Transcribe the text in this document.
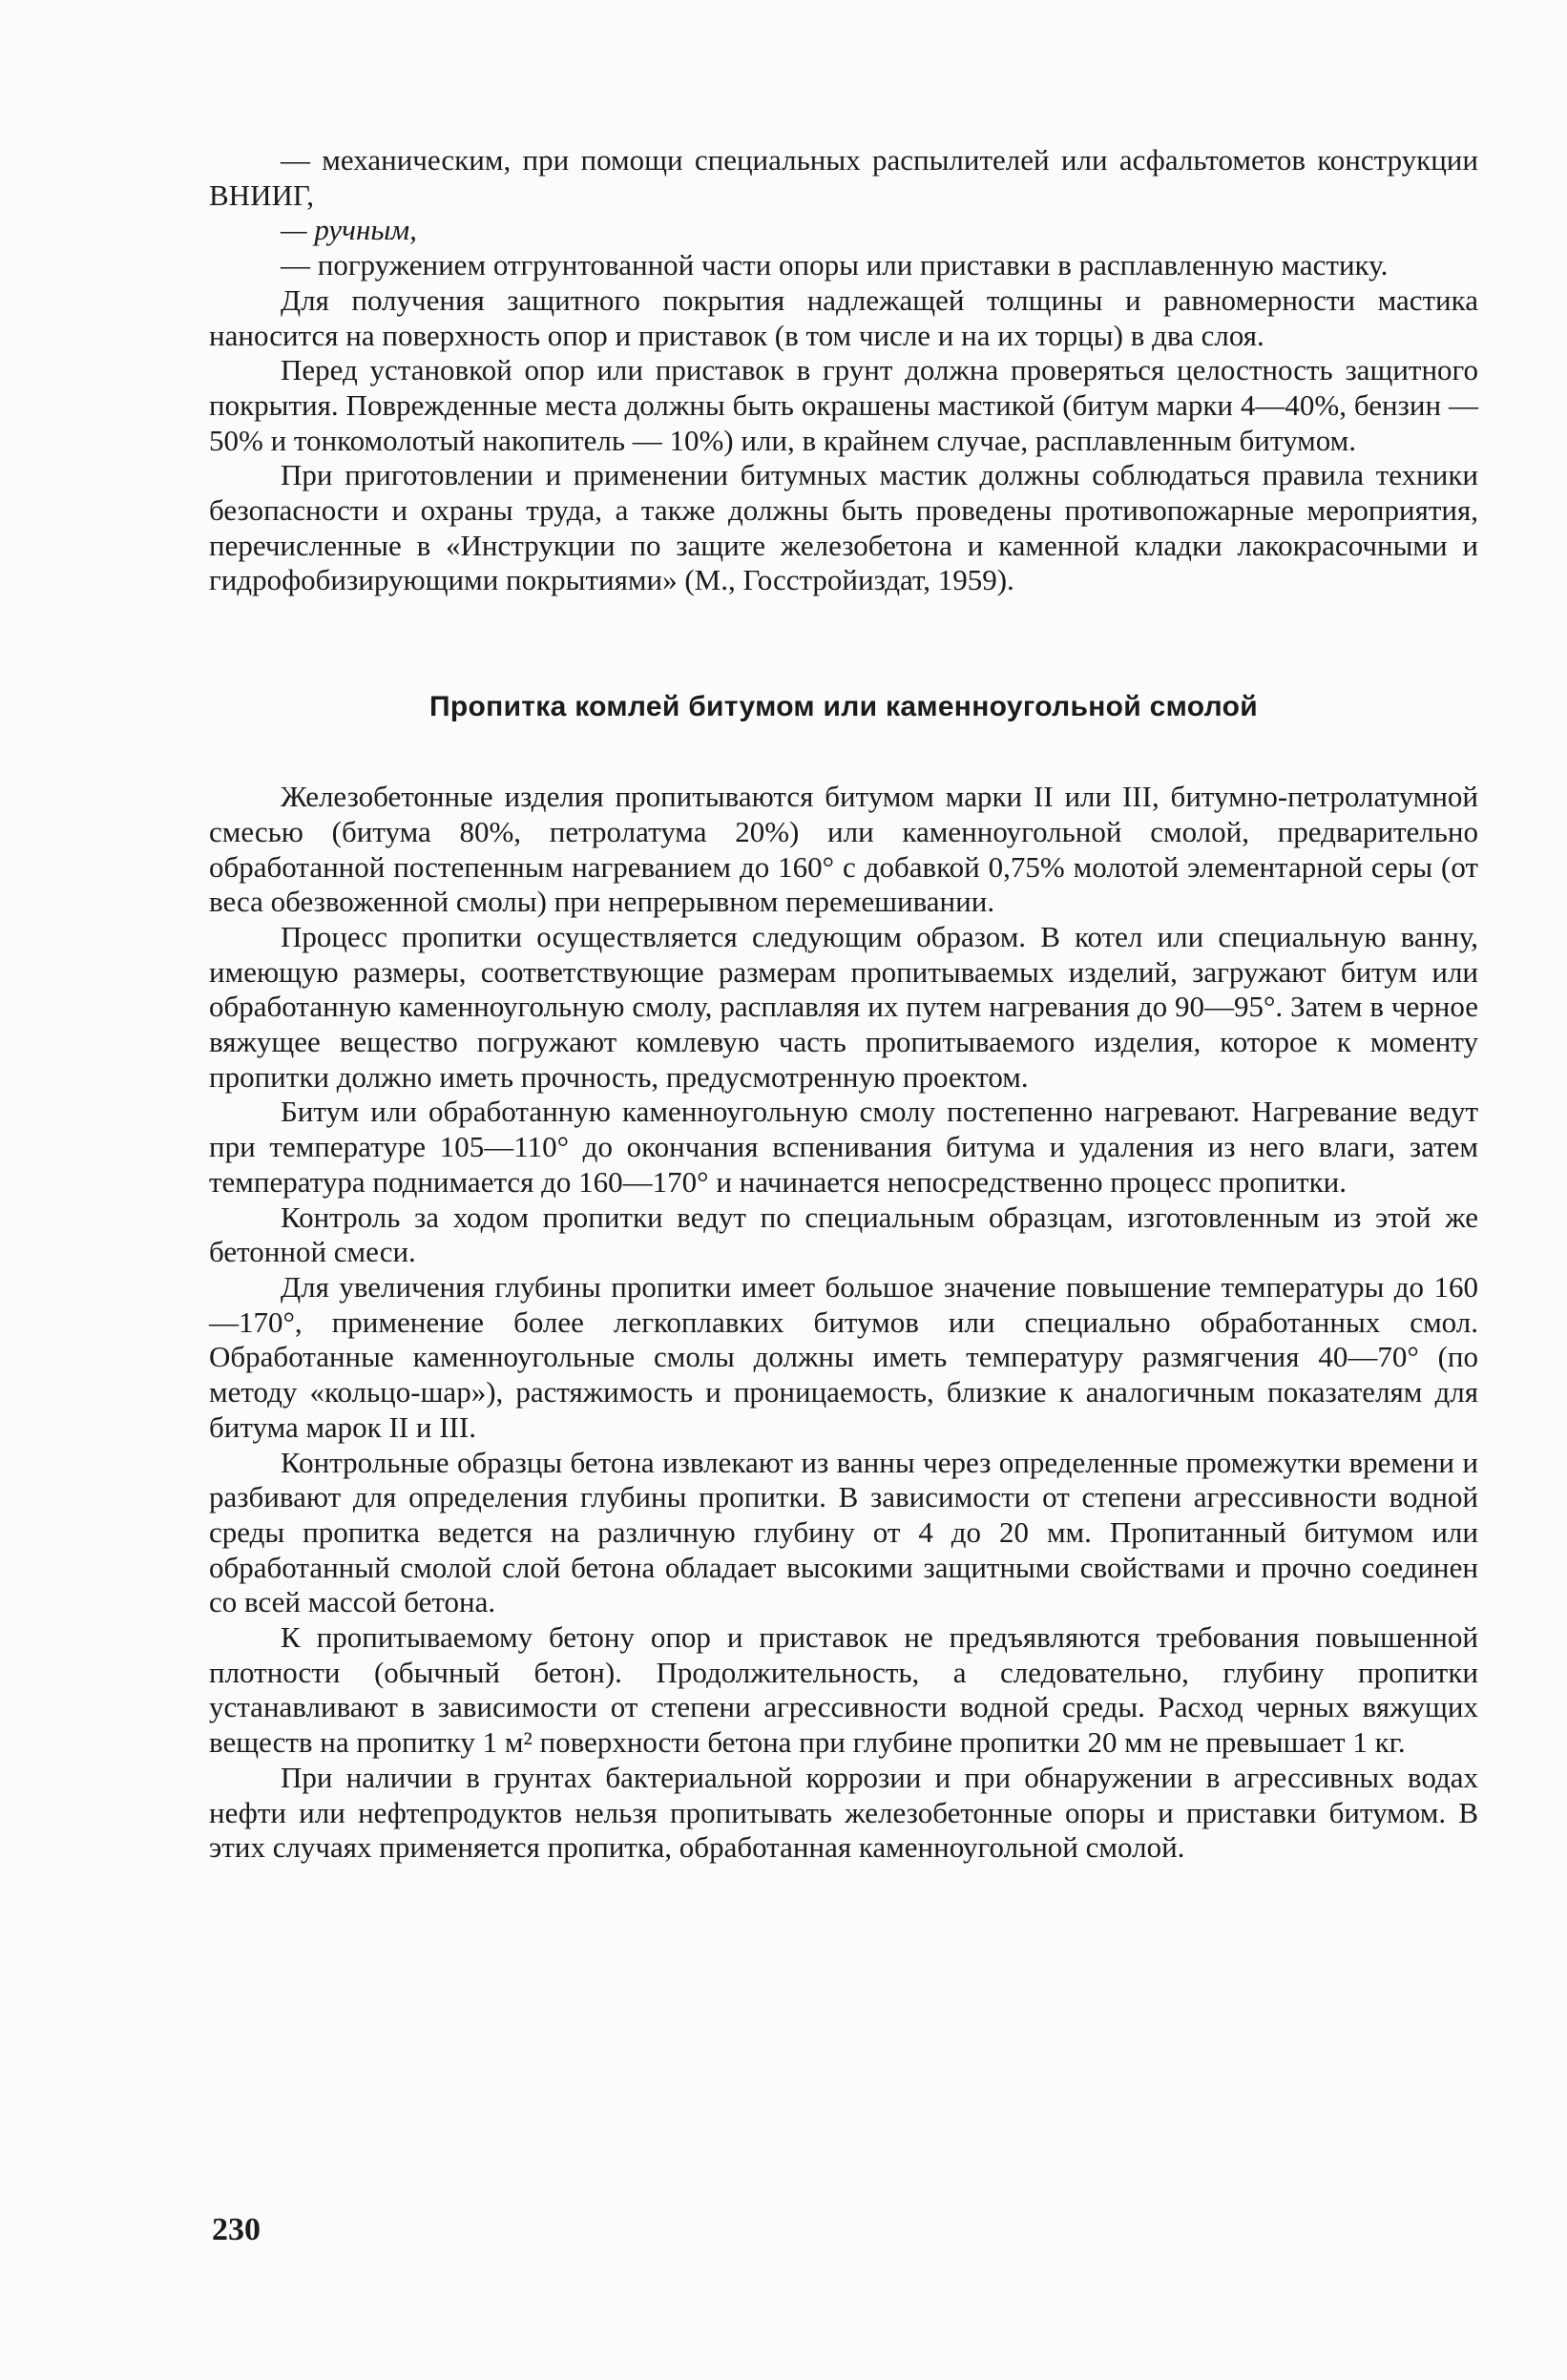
— механическим, при помощи специальных распылителей или асфальтометов конструкции ВНИИГ,

— ручным,

— погружением отгрунтованной части опоры или приставки в расплавленную мастику.

Для получения защитного покрытия надлежащей толщины и равномерности мастика наносится на поверхность опор и приставок (в том числе и на их торцы) в два слоя.

Перед установкой опор или приставок в грунт должна проверяться целостность защитного покрытия. Поврежденные места должны быть окрашены мастикой (битум марки 4—40%, бензин — 50% и тонкомолотый накопитель — 10%) или, в крайнем случае, расплавленным битумом.

При приготовлении и применении битумных мастик должны соблюдаться правила техники безопасности и охраны труда, а также должны быть проведены противопожарные мероприятия, перечисленные в «Инструкции по защите железобетона и каменной кладки лакокрасочными и гидрофобизирующими покрытиями» (М., Госстройиздат, 1959).

Пропитка комлей битумом или каменноугольной смолой

Железобетонные изделия пропитываются битумом марки II или III, битумно-петролатумной смесью (битума 80%, петролатума 20%) или каменноугольной смолой, предварительно обработанной постепенным нагреванием до 160° с добавкой 0,75% молотой элементарной серы (от веса обезвоженной смолы) при непрерывном перемешивании.

Процесс пропитки осуществляется следующим образом. В котел или специальную ванну, имеющую размеры, соответствующие размерам пропитываемых изделий, загружают битум или обработанную каменноугольную смолу, расплавляя их путем нагревания до 90—95°. Затем в черное вяжущее вещество погружают комлевую часть пропитываемого изделия, которое к моменту пропитки должно иметь прочность, предусмотренную проектом.

Битум или обработанную каменноугольную смолу постепенно нагревают. Нагревание ведут при температуре 105—110° до окончания вспенивания битума и удаления из него влаги, затем температура поднимается до 160—170° и начинается непосредственно процесс пропитки.

Контроль за ходом пропитки ведут по специальным образцам, изготовленным из этой же бетонной смеси.

Для увеличения глубины пропитки имеет большое значение повышение температуры до 160—170°, применение более легкоплавких битумов или специально обработанных смол. Обработанные каменноугольные смолы должны иметь температуру размягчения 40—70° (по методу «кольцо-шар»), растяжимость и проницаемость, близкие к аналогичным показателям для битума марок II и III.

Контрольные образцы бетона извлекают из ванны через определенные промежутки времени и разбивают для определения глубины пропитки. В зависимости от степени агрессивности водной среды пропитка ведется на различную глубину от 4 до 20 мм. Пропитанный битумом или обработанный смолой слой бетона обладает высокими защитными свойствами и прочно соединен со всей массой бетона.

К пропитываемому бетону опор и приставок не предъявляются требования повышенной плотности (обычный бетон). Продолжительность, а следовательно, глубину пропитки устанавливают в зависимости от степени агрессивности водной среды. Расход черных вяжущих веществ на пропитку 1 м² поверхности бетона при глубине пропитки 20 мм не превышает 1 кг.

При наличии в грунтах бактериальной коррозии и при обнаружении в агрессивных водах нефти или нефтепродуктов нельзя пропитывать железобетонные опоры и приставки битумом. В этих случаях применяется пропитка, обработанная каменноугольной смолой.

230
